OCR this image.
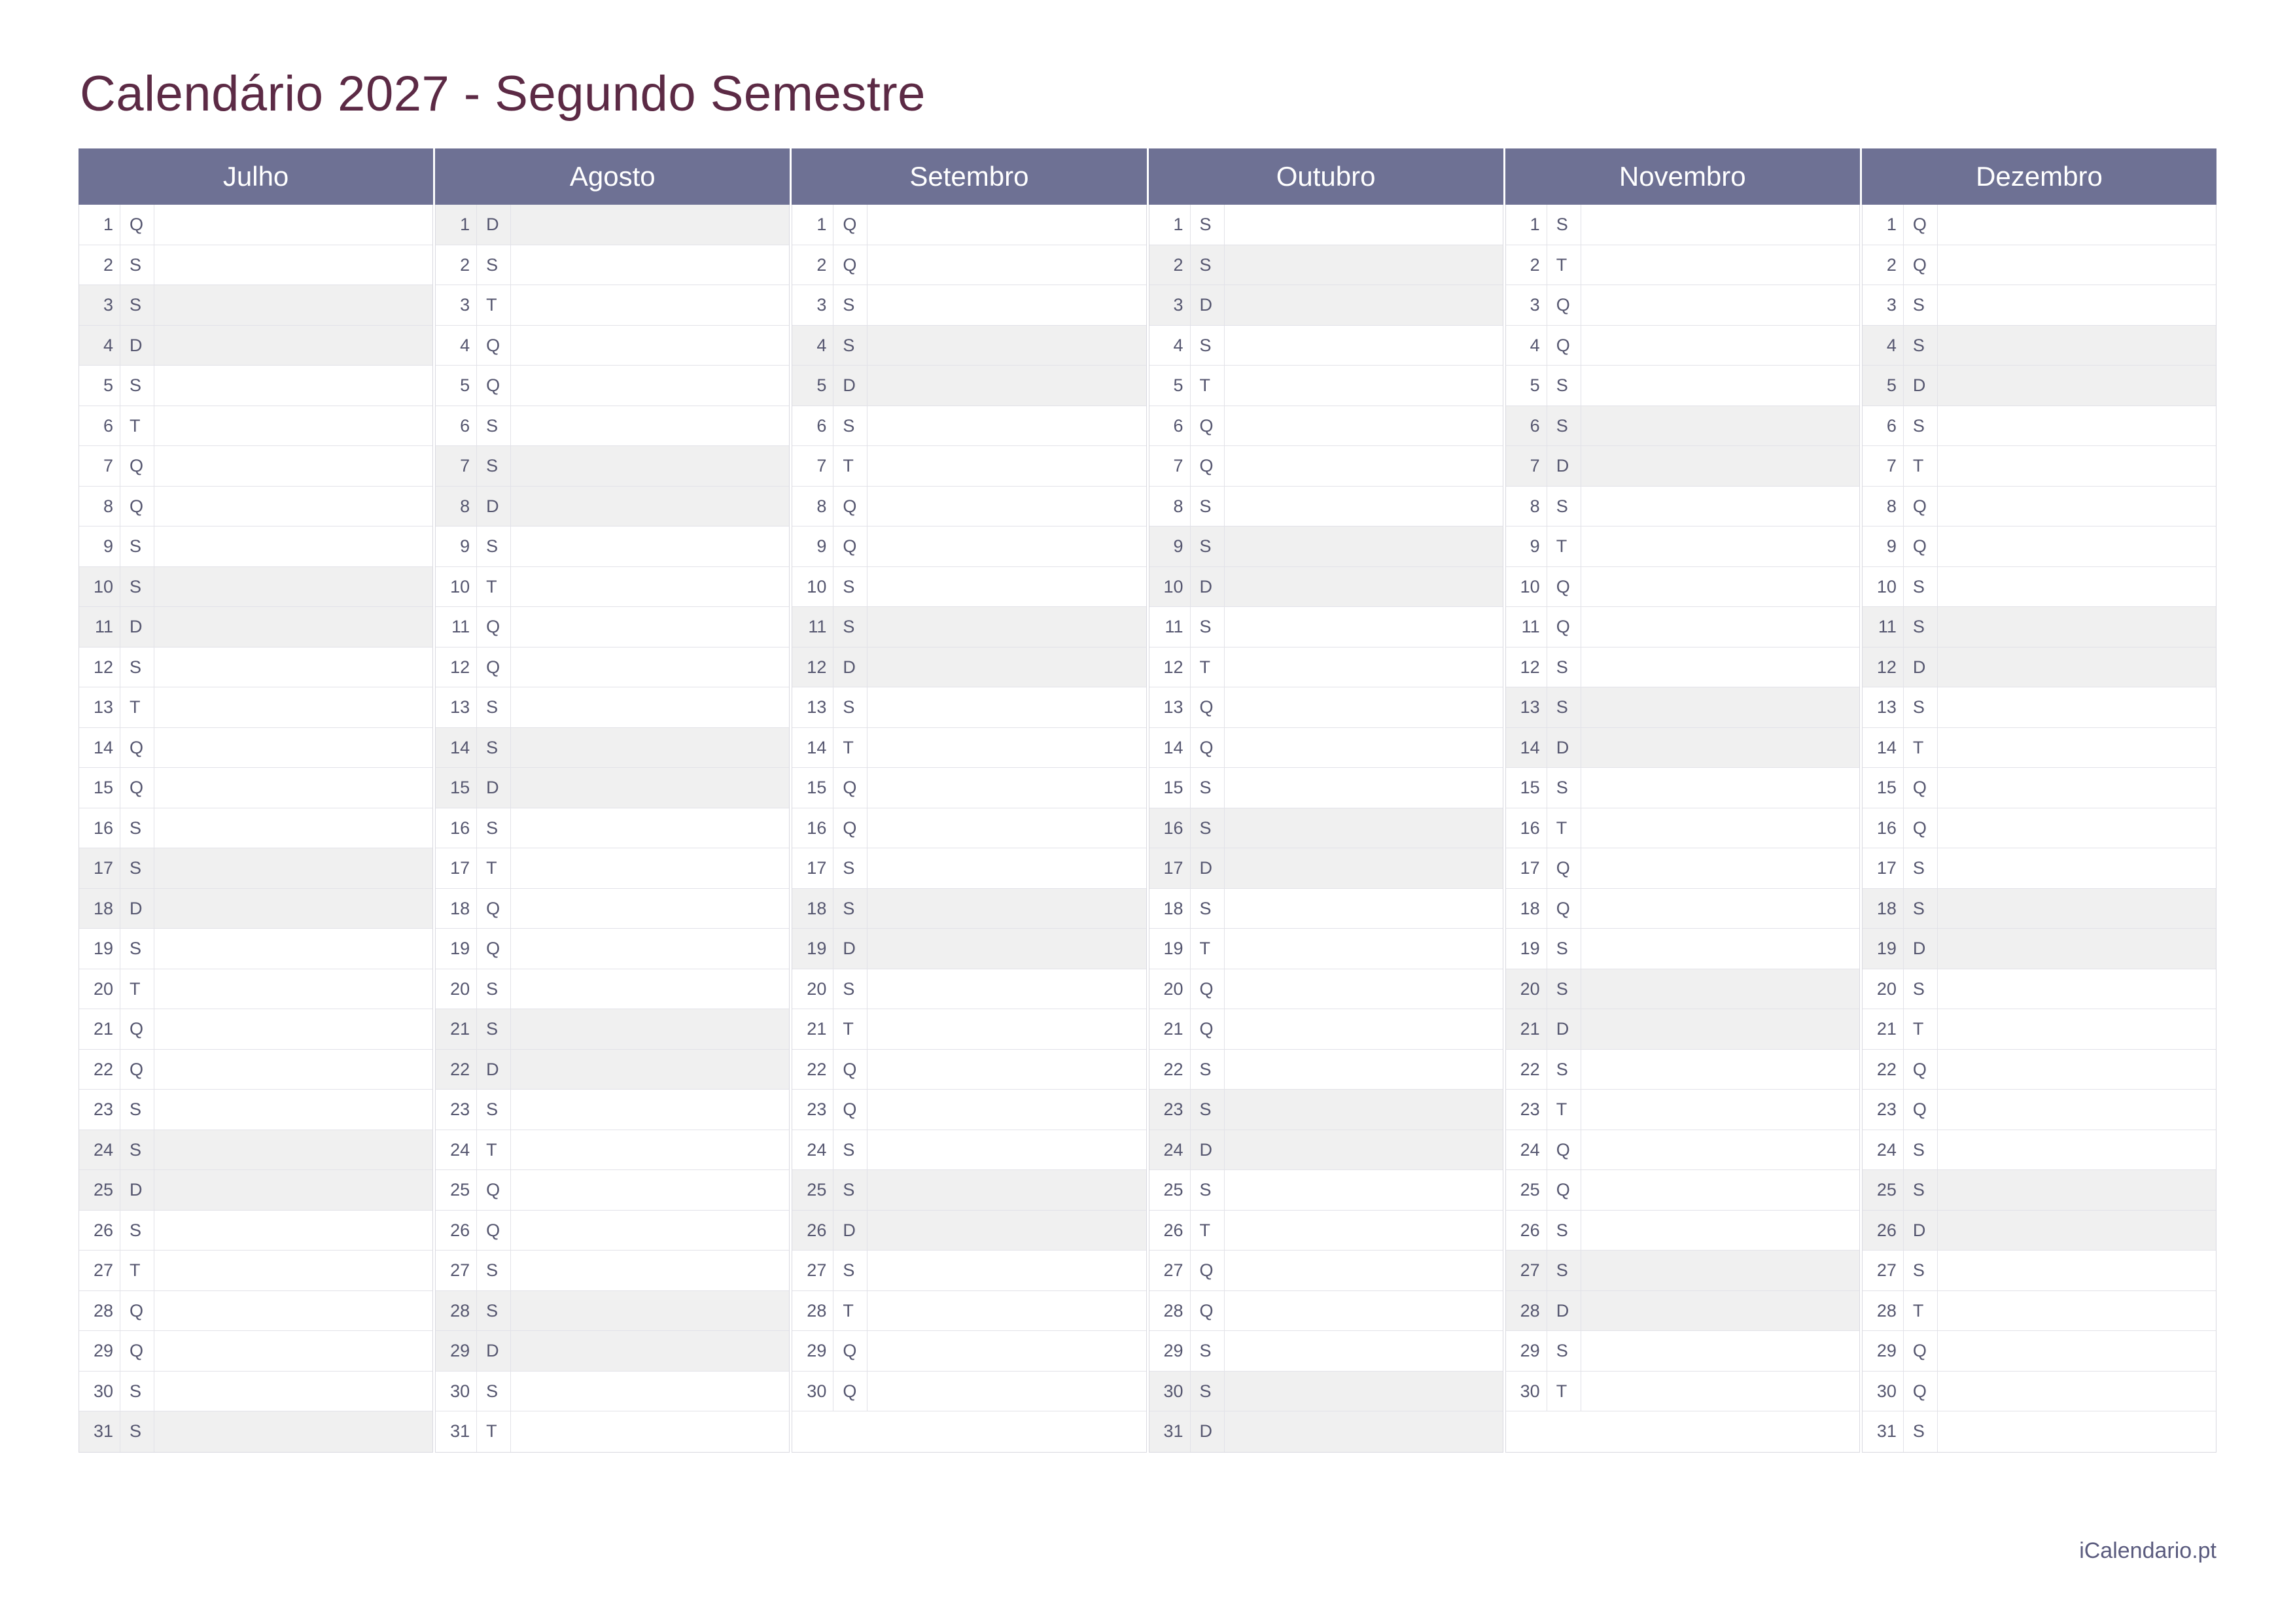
Calendário 2027 - Segundo Semestre
Julho
1 Q
2 S
3 S
4 D
5 S
6 T
7 Q
8 Q
9 S
10 S
11 D
12 S
13 T
14 Q
15 Q
16 S
17 S
18 D
19 S
20 T
21 Q
22 Q
23 S
24 S
25 D
26 S
27 T
28 Q
29 Q
30 S
31 S
Agosto
1 D
2 S
3 T
4 Q
5 Q
6 S
7 S
8 D
9 S
10 T
11 Q
12 Q
13 S
14 S
15 D
16 S
17 T
18 Q
19 Q
20 S
21 S
22 D
23 S
24 T
25 Q
26 Q
27 S
28 S
29 D
30 S
31 T
Setembro
1 Q
2 Q
3 S
4 S
5 D
6 S
7 T
8 Q
9 Q
10 S
11 S
12 D
13 S
14 T
15 Q
16 Q
17 S
18 S
19 D
20 S
21 T
22 Q
23 Q
24 S
25 S
26 D
27 S
28 T
29 Q
30 Q
Outubro
1 S
2 S
3 D
4 S
5 T
6 Q
7 Q
8 S
9 S
10 D
11 S
12 T
13 Q
14 Q
15 S
16 S
17 D
18 S
19 T
20 Q
21 Q
22 S
23 S
24 D
25 S
26 T
27 Q
28 Q
29 S
30 S
31 D
Novembro
1 S
2 T
3 Q
4 Q
5 S
6 S
7 D
8 S
9 T
10 Q
11 Q
12 S
13 S
14 D
15 S
16 T
17 Q
18 Q
19 S
20 S
21 D
22 S
23 T
24 Q
25 Q
26 S
27 S
28 D
29 S
30 T
Dezembro
1 Q
2 Q
3 S
4 S
5 D
6 S
7 T
8 Q
9 Q
10 S
11 S
12 D
13 S
14 T
15 Q
16 Q
17 S
18 S
19 D
20 S
21 T
22 Q
23 Q
24 S
25 S
26 D
27 S
28 T
29 Q
30 Q
31 S
iCalendario.pt
